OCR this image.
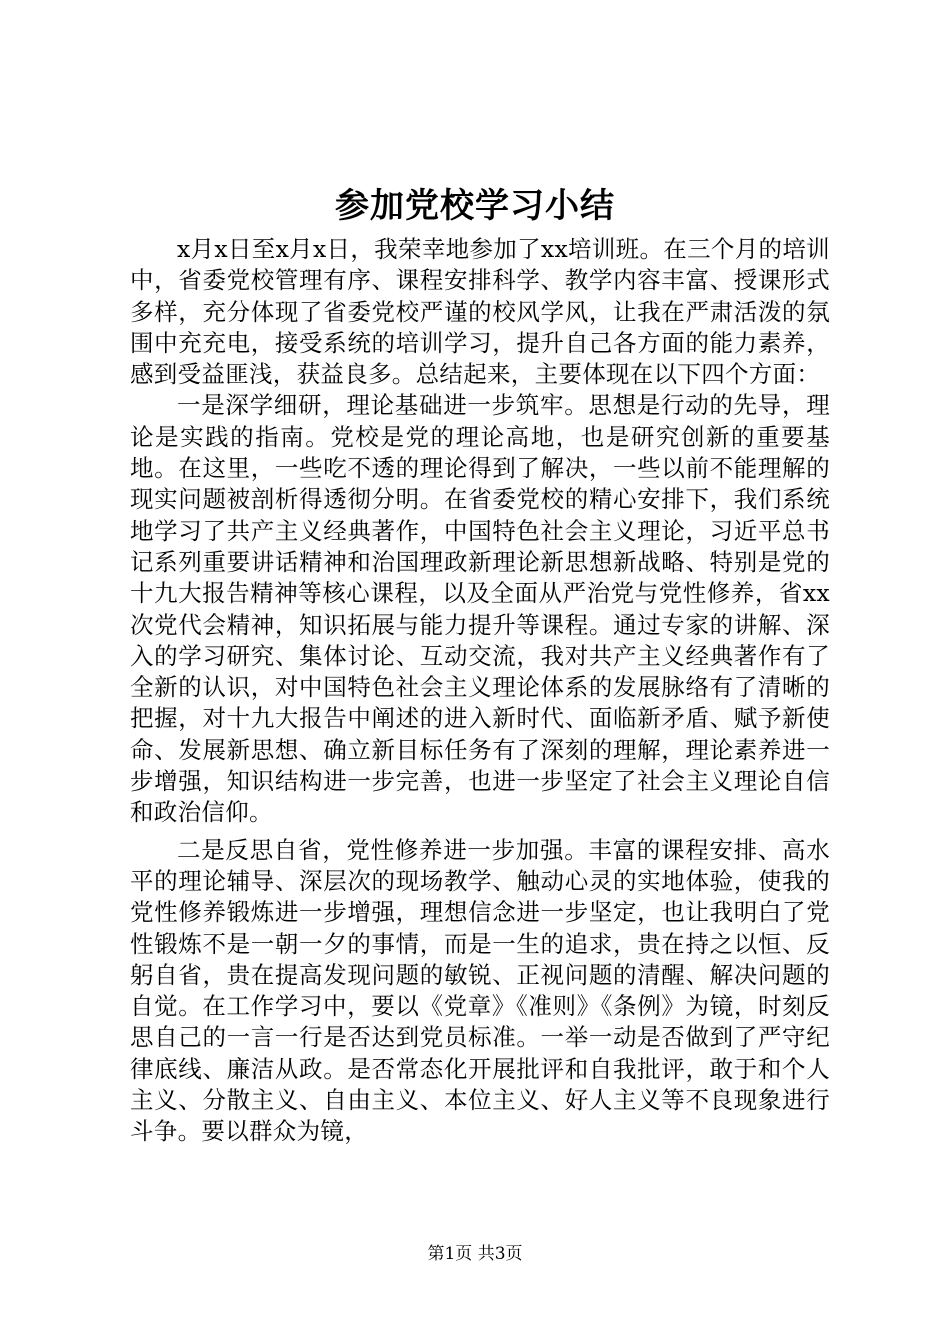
参加党校学习小结

x月x日至x月x日，我荣幸地参加了xx培训班。在三个月的培训中，省委党校管理有序、课程安排科学、教学内容丰富、授课形式多样，充分体现了省委党校严谨的校风学风，让我在严肃活泼的氛围中充充电，接受系统的培训学习，提升自己各方面的能力素养，感到受益匪浅，获益良多。总结起来，主要体现在以下四个方面：

一是深学细研，理论基础进一步筑牢。思想是行动的先导，理论是实践的指南。党校是党的理论高地，也是研究创新的重要基地。在这里，一些吃不透的理论得到了解决，一些以前不能理解的现实问题被剖析得透彻分明。在省委党校的精心安排下，我们系统地学习了共产主义经典著作，中国特色社会主义理论，习近平总书记系列重要讲话精神和治国理政新理论新思想新战略、特别是党的十九大报告精神等核心课程，以及全面从严治党与党性修养，省xx次党代会精神，知识拓展与能力提升等课程。通过专家的讲解、深入的学习研究、集体讨论、互动交流，我对共产主义经典著作有了全新的认识，对中国特色社会主义理论体系的发展脉络有了清晰的把握，对十九大报告中阐述的进入新时代、面临新矛盾、赋予新使命、发展新思想、确立新目标任务有了深刻的理解，理论素养进一步增强，知识结构进一步完善，也进一步坚定了社会主义理论自信和政治信仰。

二是反思自省，党性修养进一步加强。丰富的课程安排、高水平的理论辅导、深层次的现场教学、触动心灵的实地体验，使我的党性修养锻炼进一步增强，理想信念进一步坚定，也让我明白了党性锻炼不是一朝一夕的事情，而是一生的追求，贵在持之以恒、反躬自省，贵在提高发现问题的敏锐、正视问题的清醒、解决问题的自觉。在工作学习中，要以《党章》《准则》《条例》为镜，时刻反思自己的一言一行是否达到党员标准。一举一动是否做到了严守纪律底线、廉洁从政。是否常态化开展批评和自我批评，敢于和个人主义、分散主义、自由主义、本位主义、好人主义等不良现象进行斗争。要以群众为镜，

第1页 共3页
